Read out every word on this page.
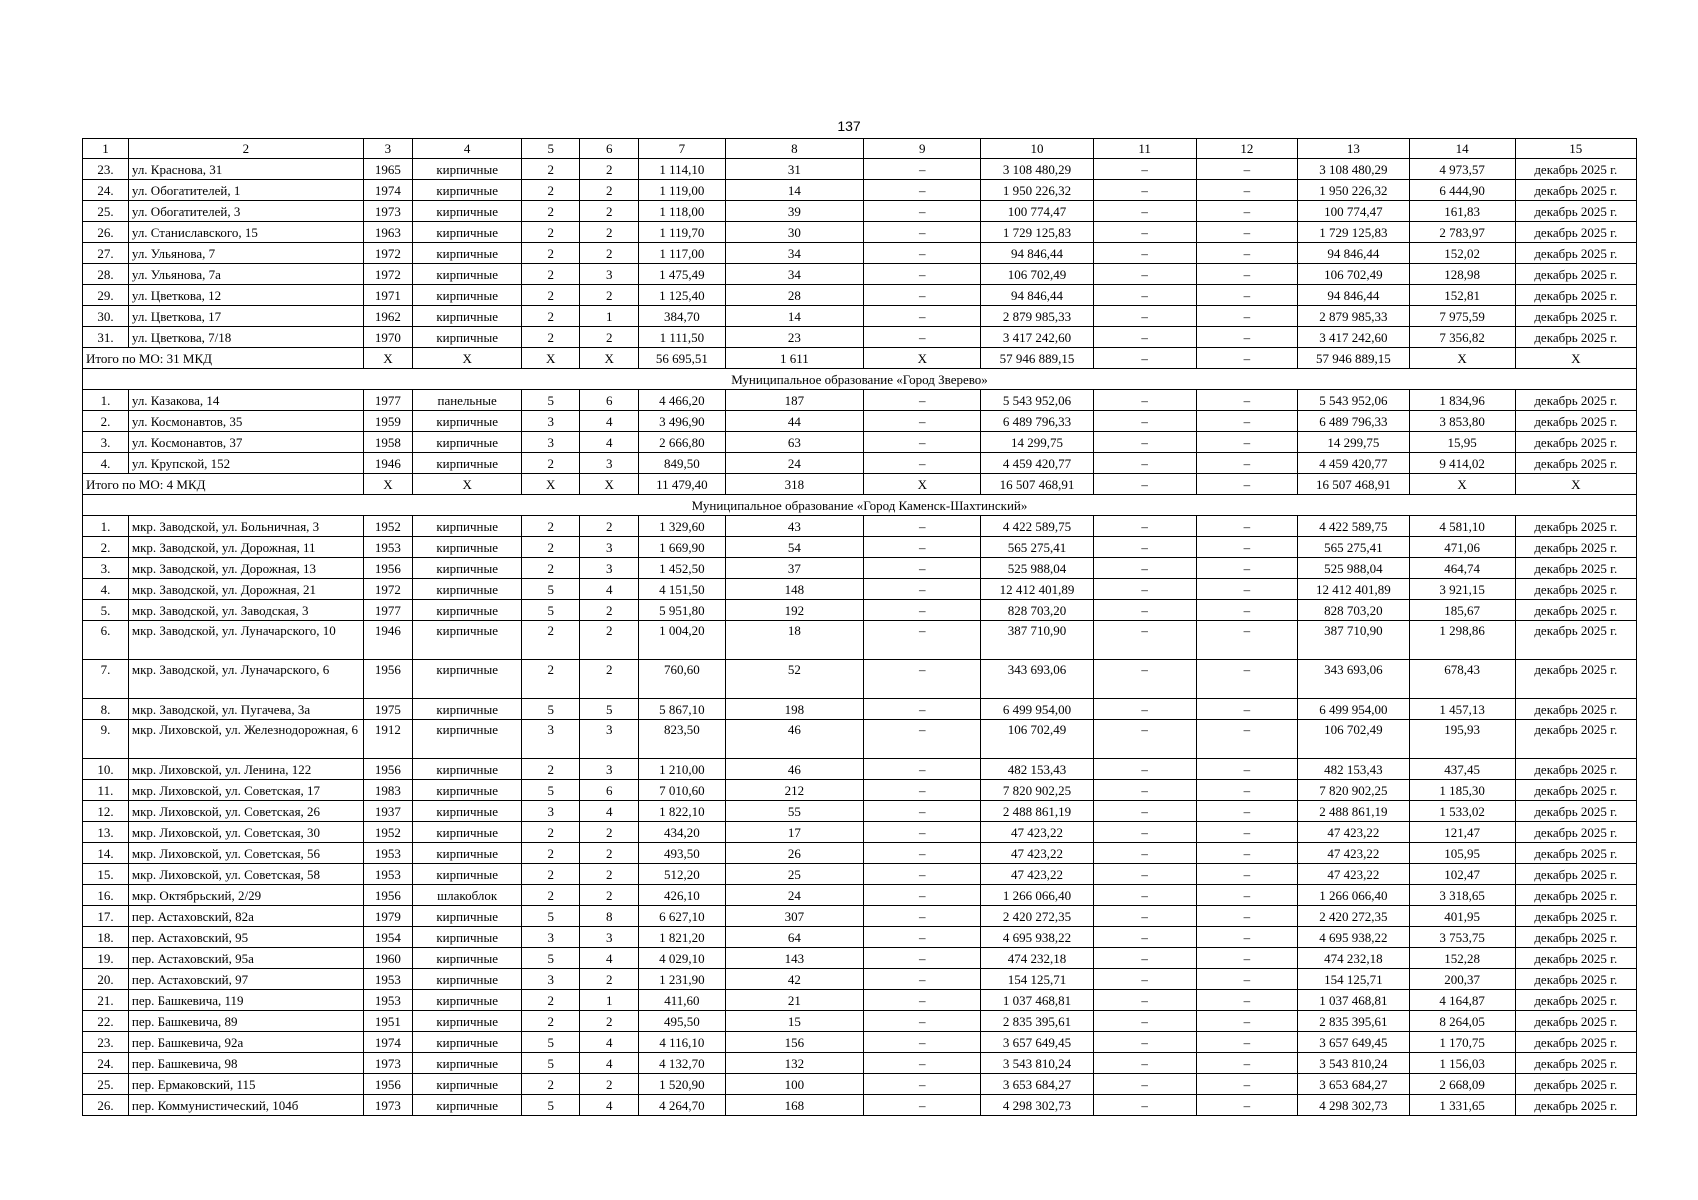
137
1	2	3	4	5	6	7	8	9	10	11	12	13	14	15
23.	ул. Краснова, 31	1965	кирпичные	2	2	1 114,10	31	–	3 108 480,29	–	–	3 108 480,29	4 973,57	декабрь 2025 г.
24.	ул. Обогатителей, 1	1974	кирпичные	2	2	1 119,00	14	–	1 950 226,32	–	–	1 950 226,32	6 444,90	декабрь 2025 г.
25.	ул. Обогатителей, 3	1973	кирпичные	2	2	1 118,00	39	–	100 774,47	–	–	100 774,47	161,83	декабрь 2025 г.
26.	ул. Станиславского, 15	1963	кирпичные	2	2	1 119,70	30	–	1 729 125,83	–	–	1 729 125,83	2 783,97	декабрь 2025 г.
27.	ул. Ульянова, 7	1972	кирпичные	2	2	1 117,00	34	–	94 846,44	–	–	94 846,44	152,02	декабрь 2025 г.
28.	ул. Ульянова, 7а	1972	кирпичные	2	3	1 475,49	34	–	106 702,49	–	–	106 702,49	128,98	декабрь 2025 г.
29.	ул. Цветкова, 12	1971	кирпичные	2	2	1 125,40	28	–	94 846,44	–	–	94 846,44	152,81	декабрь 2025 г.
30.	ул. Цветкова, 17	1962	кирпичные	2	1	384,70	14	–	2 879 985,33	–	–	2 879 985,33	7 975,59	декабрь 2025 г.
31.	ул. Цветкова, 7/18	1970	кирпичные	2	2	1 111,50	23	–	3 417 242,60	–	–	3 417 242,60	7 356,82	декабрь 2025 г.
Итого по МО: 31 МКД		X	X	X	X	56 695,51	1 611	X	57 946 889,15	–	–	57 946 889,15	X	X
Муниципальное образование «Город Зверево»														
1.	ул. Казакова, 14	1977	панельные	5	6	4 466,20	187	–	5 543 952,06	–	–	5 543 952,06	1 834,96	декабрь 2025 г.
2.	ул. Космонавтов, 35	1959	кирпичные	3	4	3 496,90	44	–	6 489 796,33	–	–	6 489 796,33	3 853,80	декабрь 2025 г.
3.	ул. Космонавтов, 37	1958	кирпичные	3	4	2 666,80	63	–	14 299,75	–	–	14 299,75	15,95	декабрь 2025 г.
4.	ул. Крупской, 152	1946	кирпичные	2	3	849,50	24	–	4 459 420,77	–	–	4 459 420,77	9 414,02	декабрь 2025 г.
Итого по МО: 4 МКД		X	X	X	X	11 479,40	318	X	16 507 468,91	–	–	16 507 468,91	X	X
Муниципальное образование «Город Каменск-Шахтинский»														
1.	мкр. Заводской, ул. Больничная, 3	1952	кирпичные	2	2	1 329,60	43	–	4 422 589,75	–	–	4 422 589,75	4 581,10	декабрь 2025 г.
2.	мкр. Заводской, ул. Дорожная, 11	1953	кирпичные	2	3	1 669,90	54	–	565 275,41	–	–	565 275,41	471,06	декабрь 2025 г.
3.	мкр. Заводской, ул. Дорожная, 13	1956	кирпичные	2	3	1 452,50	37	–	525 988,04	–	–	525 988,04	464,74	декабрь 2025 г.
4.	мкр. Заводской, ул. Дорожная, 21	1972	кирпичные	5	4	4 151,50	148	–	12 412 401,89	–	–	12 412 401,89	3 921,15	декабрь 2025 г.
5.	мкр. Заводской, ул. Заводская, 3	1977	кирпичные	5	2	5 951,80	192	–	828 703,20	–	–	828 703,20	185,67	декабрь 2025 г.
6.	мкр. Заводской, ул. Луначарского, 10	1946	кирпичные	2	2	1 004,20	18	–	387 710,90	–	–	387 710,90	1 298,86	декабрь 2025 г.
7.	мкр. Заводской, ул. Луначарского, 6	1956	кирпичные	2	2	760,60	52	–	343 693,06	–	–	343 693,06	678,43	декабрь 2025 г.
8.	мкр. Заводской, ул. Пугачева, 3а	1975	кирпичные	5	5	5 867,10	198	–	6 499 954,00	–	–	6 499 954,00	1 457,13	декабрь 2025 г.
9.	мкр. Лиховской, ул. Железнодорожная, 6	1912	кирпичные	3	3	823,50	46	–	106 702,49	–	–	106 702,49	195,93	декабрь 2025 г.
10.	мкр. Лиховской, ул. Ленина, 122	1956	кирпичные	2	3	1 210,00	46	–	482 153,43	–	–	482 153,43	437,45	декабрь 2025 г.
11.	мкр. Лиховской, ул. Советская, 17	1983	кирпичные	5	6	7 010,60	212	–	7 820 902,25	–	–	7 820 902,25	1 185,30	декабрь 2025 г.
12.	мкр. Лиховской, ул. Советская, 26	1937	кирпичные	3	4	1 822,10	55	–	2 488 861,19	–	–	2 488 861,19	1 533,02	декабрь 2025 г.
13.	мкр. Лиховской, ул. Советская, 30	1952	кирпичные	2	2	434,20	17	–	47 423,22	–	–	47 423,22	121,47	декабрь 2025 г.
14.	мкр. Лиховской, ул. Советская, 56	1953	кирпичные	2	2	493,50	26	–	47 423,22	–	–	47 423,22	105,95	декабрь 2025 г.
15.	мкр. Лиховской, ул. Советская, 58	1953	кирпичные	2	2	512,20	25	–	47 423,22	–	–	47 423,22	102,47	декабрь 2025 г.
16.	мкр. Октябрьский, 2/29	1956	шлакоблок	2	2	426,10	24	–	1 266 066,40	–	–	1 266 066,40	3 318,65	декабрь 2025 г.
17.	пер. Астаховский, 82а	1979	кирпичные	5	8	6 627,10	307	–	2 420 272,35	–	–	2 420 272,35	401,95	декабрь 2025 г.
18.	пер. Астаховский, 95	1954	кирпичные	3	3	1 821,20	64	–	4 695 938,22	–	–	4 695 938,22	3 753,75	декабрь 2025 г.
19.	пер. Астаховский, 95а	1960	кирпичные	5	4	4 029,10	143	–	474 232,18	–	–	474 232,18	152,28	декабрь 2025 г.
20.	пер. Астаховский, 97	1953	кирпичные	3	2	1 231,90	42	–	154 125,71	–	–	154 125,71	200,37	декабрь 2025 г.
21.	пер. Башкевича, 119	1953	кирпичные	2	1	411,60	21	–	1 037 468,81	–	–	1 037 468,81	4 164,87	декабрь 2025 г.
22.	пер. Башкевича, 89	1951	кирпичные	2	2	495,50	15	–	2 835 395,61	–	–	2 835 395,61	8 264,05	декабрь 2025 г.
23.	пер. Башкевича, 92а	1974	кирпичные	5	4	4 116,10	156	–	3 657 649,45	–	–	3 657 649,45	1 170,75	декабрь 2025 г.
24.	пер. Башкевича, 98	1973	кирпичные	5	4	4 132,70	132	–	3 543 810,24	–	–	3 543 810,24	1 156,03	декабрь 2025 г.
25.	пер. Ермаковский, 115	1956	кирпичные	2	2	1 520,90	100	–	3 653 684,27	–	–	3 653 684,27	2 668,09	декабрь 2025 г.
26.	пер. Коммунистический, 104б	1973	кирпичные	5	4	4 264,70	168	–	4 298 302,73	–	–	4 298 302,73	1 331,65	декабрь 2025 г.
